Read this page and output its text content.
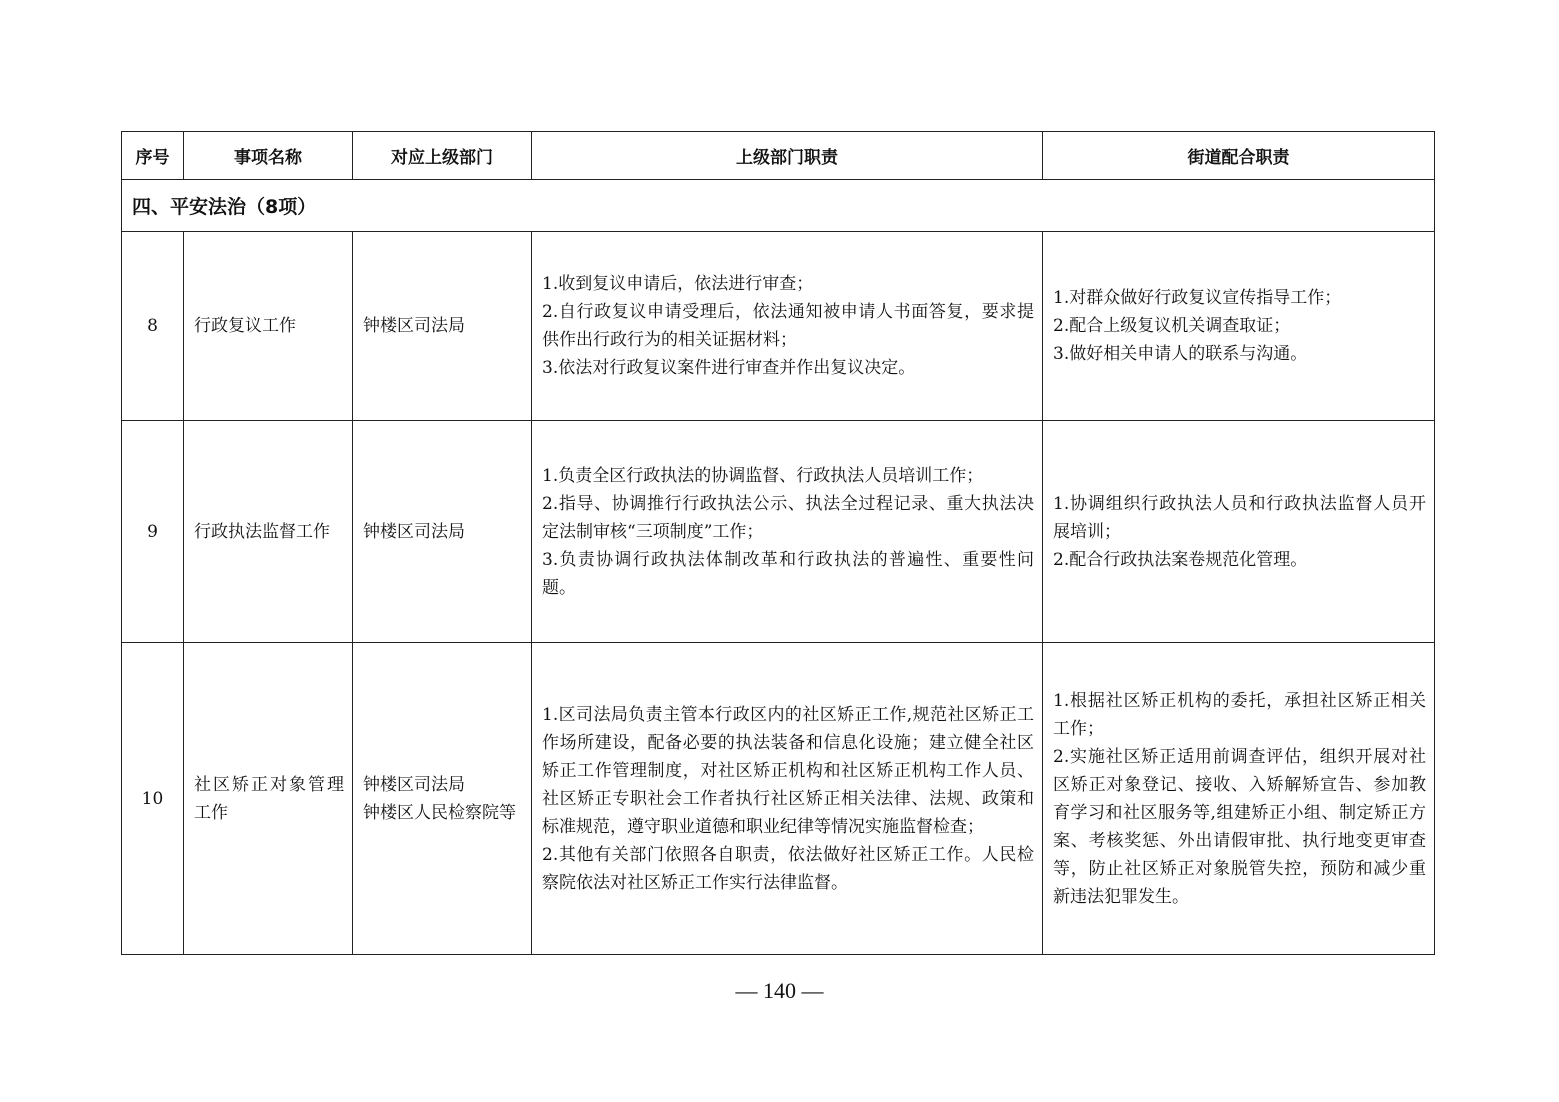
序号	事项名称	对应上级部门	上级部门职责	街道配合职责
四、平安法治（8项）				
8	行政复议工作	钟楼区司法局	1.收到复议申请后，依法进行审查；
2.自行政复议申请受理后，依法通知被申请人书面答复，要求提供作出行政行为的相关证据材料；
3.依法对行政复议案件进行审查并作出复议决定。	1.对群众做好行政复议宣传指导工作；
2.配合上级复议机关调查取证；
3.做好相关申请人的联系与沟通。

9	行政执法监督工作	钟楼区司法局	1.负责全区行政执法的协调监督、行政执法人员培训工作；
2.指导、协调推行行政执法公示、执法全过程记录、重大执法决定法制审核“三项制度”工作；
3.负责协调行政执法体制改革和行政执法的普遍性、重要性问题。	1.协调组织行政执法人员和行政执法监督人员开展培训；
2.配合行政执法案卷规范化管理。

10	社区矫正对象管理工作	钟楼区司法局
钟楼区人民检察院等	1.区司法局负责主管本行政区内的社区矫正工作,规范社区矫正工作场所建设，配备必要的执法装备和信息化设施；建立健全社区矫正工作管理制度，对社区矫正机构和社区矫正机构工作人员、社区矫正专职社会工作者执行社区矫正相关法律、法规、政策和标准规范，遵守职业道德和职业纪律等情况实施监督检查；
2.其他有关部门依照各自职责，依法做好社区矫正工作。人民检察院依法对社区矫正工作实行法律监督。	1.根据社区矫正机构的委托，承担社区矫正相关工作；
2.实施社区矫正适用前调查评估，组织开展对社区矫正对象登记、接收、入矫解矫宣告、参加教育学习和社区服务等,组建矫正小组、制定矫正方案、考核奖惩、外出请假审批、执行地变更审查等，防止社区矫正对象脱管失控，预防和减少重新违法犯罪发生。
— 140 —
